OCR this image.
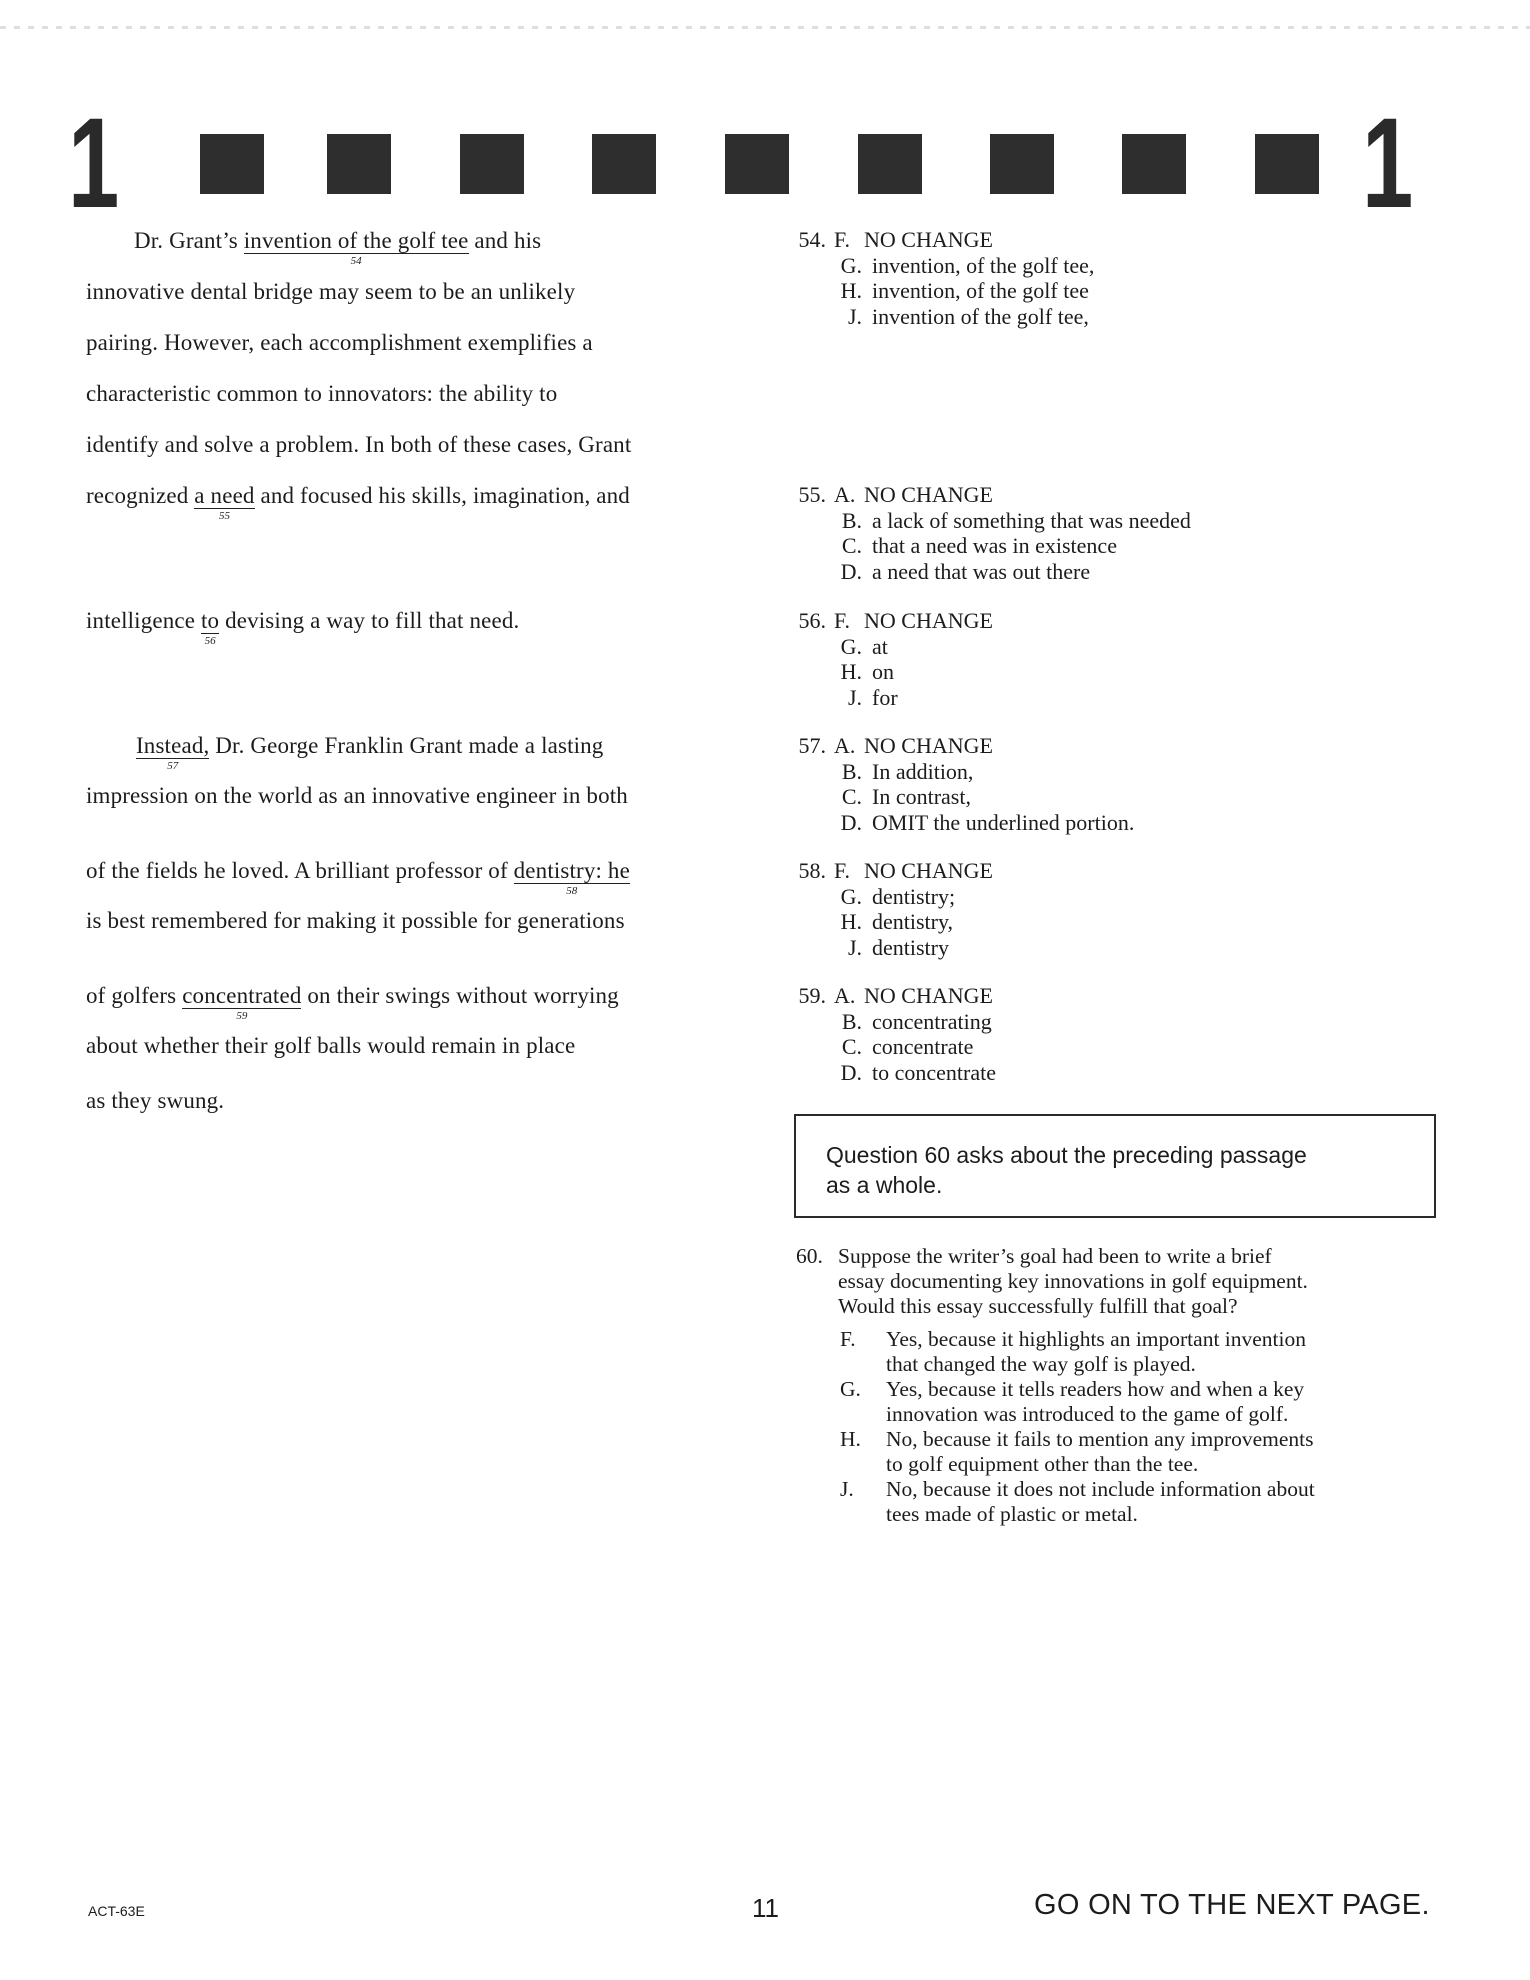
1	1
Dr. Grant’s invention of the golf tee
54
and his
innovative dental bridge may seem to be an unlikely
pairing. However, each accomplishment exemplifies a
characteristic common to innovators: the ability to
identify and solve a problem. In both of these cases, Grant
recognized a need
55
and focused his skills, imagination, and
intelligence to
56
devising a way to fill that need.
Instead,
57
Dr. George Franklin Grant made a lasting
impression on the world as an innovative engineer in both
of the fields he loved. A brilliant professor of dentistry: he
58
is best remembered for making it possible for generations
of golfers concentrated
59
on their swings without worrying
about whether their golf balls would remain in place
as they swung.
54. F. NO CHANGE
G. invention, of the golf tee,
H. invention, of the golf tee
J. invention of the golf tee,
55. A. NO CHANGE
B. a lack of something that was needed
C. that a need was in existence
D. a need that was out there
56. F. NO CHANGE
G. at
H. on
J. for
57. A. NO CHANGE
B. In addition,
C. In contrast,
D. OMIT the underlined portion.
58. F. NO CHANGE
G. dentistry;
H. dentistry,
J. dentistry
59. A. NO CHANGE
B. concentrating
C. concentrate
D. to concentrate
Question 60 asks about the preceding passage
as a whole.
60. Suppose the writer’s goal had been to write a brief
essay documenting key innovations in golf equipment.
Would this essay successfully fulfill that goal?
F.	Yes, because it highlights an important invention
that changed the way golf is played.
G.	Yes, because it tells readers how and when a key
innovation was introduced to the game of golf.
H.	No, because it fails to mention any improvements
to golf equipment other than the tee.
J.	No, because it does not include information about
tees made of plastic or metal.
ACT-63E	11	GO ON TO THE NEXT PAGE.
